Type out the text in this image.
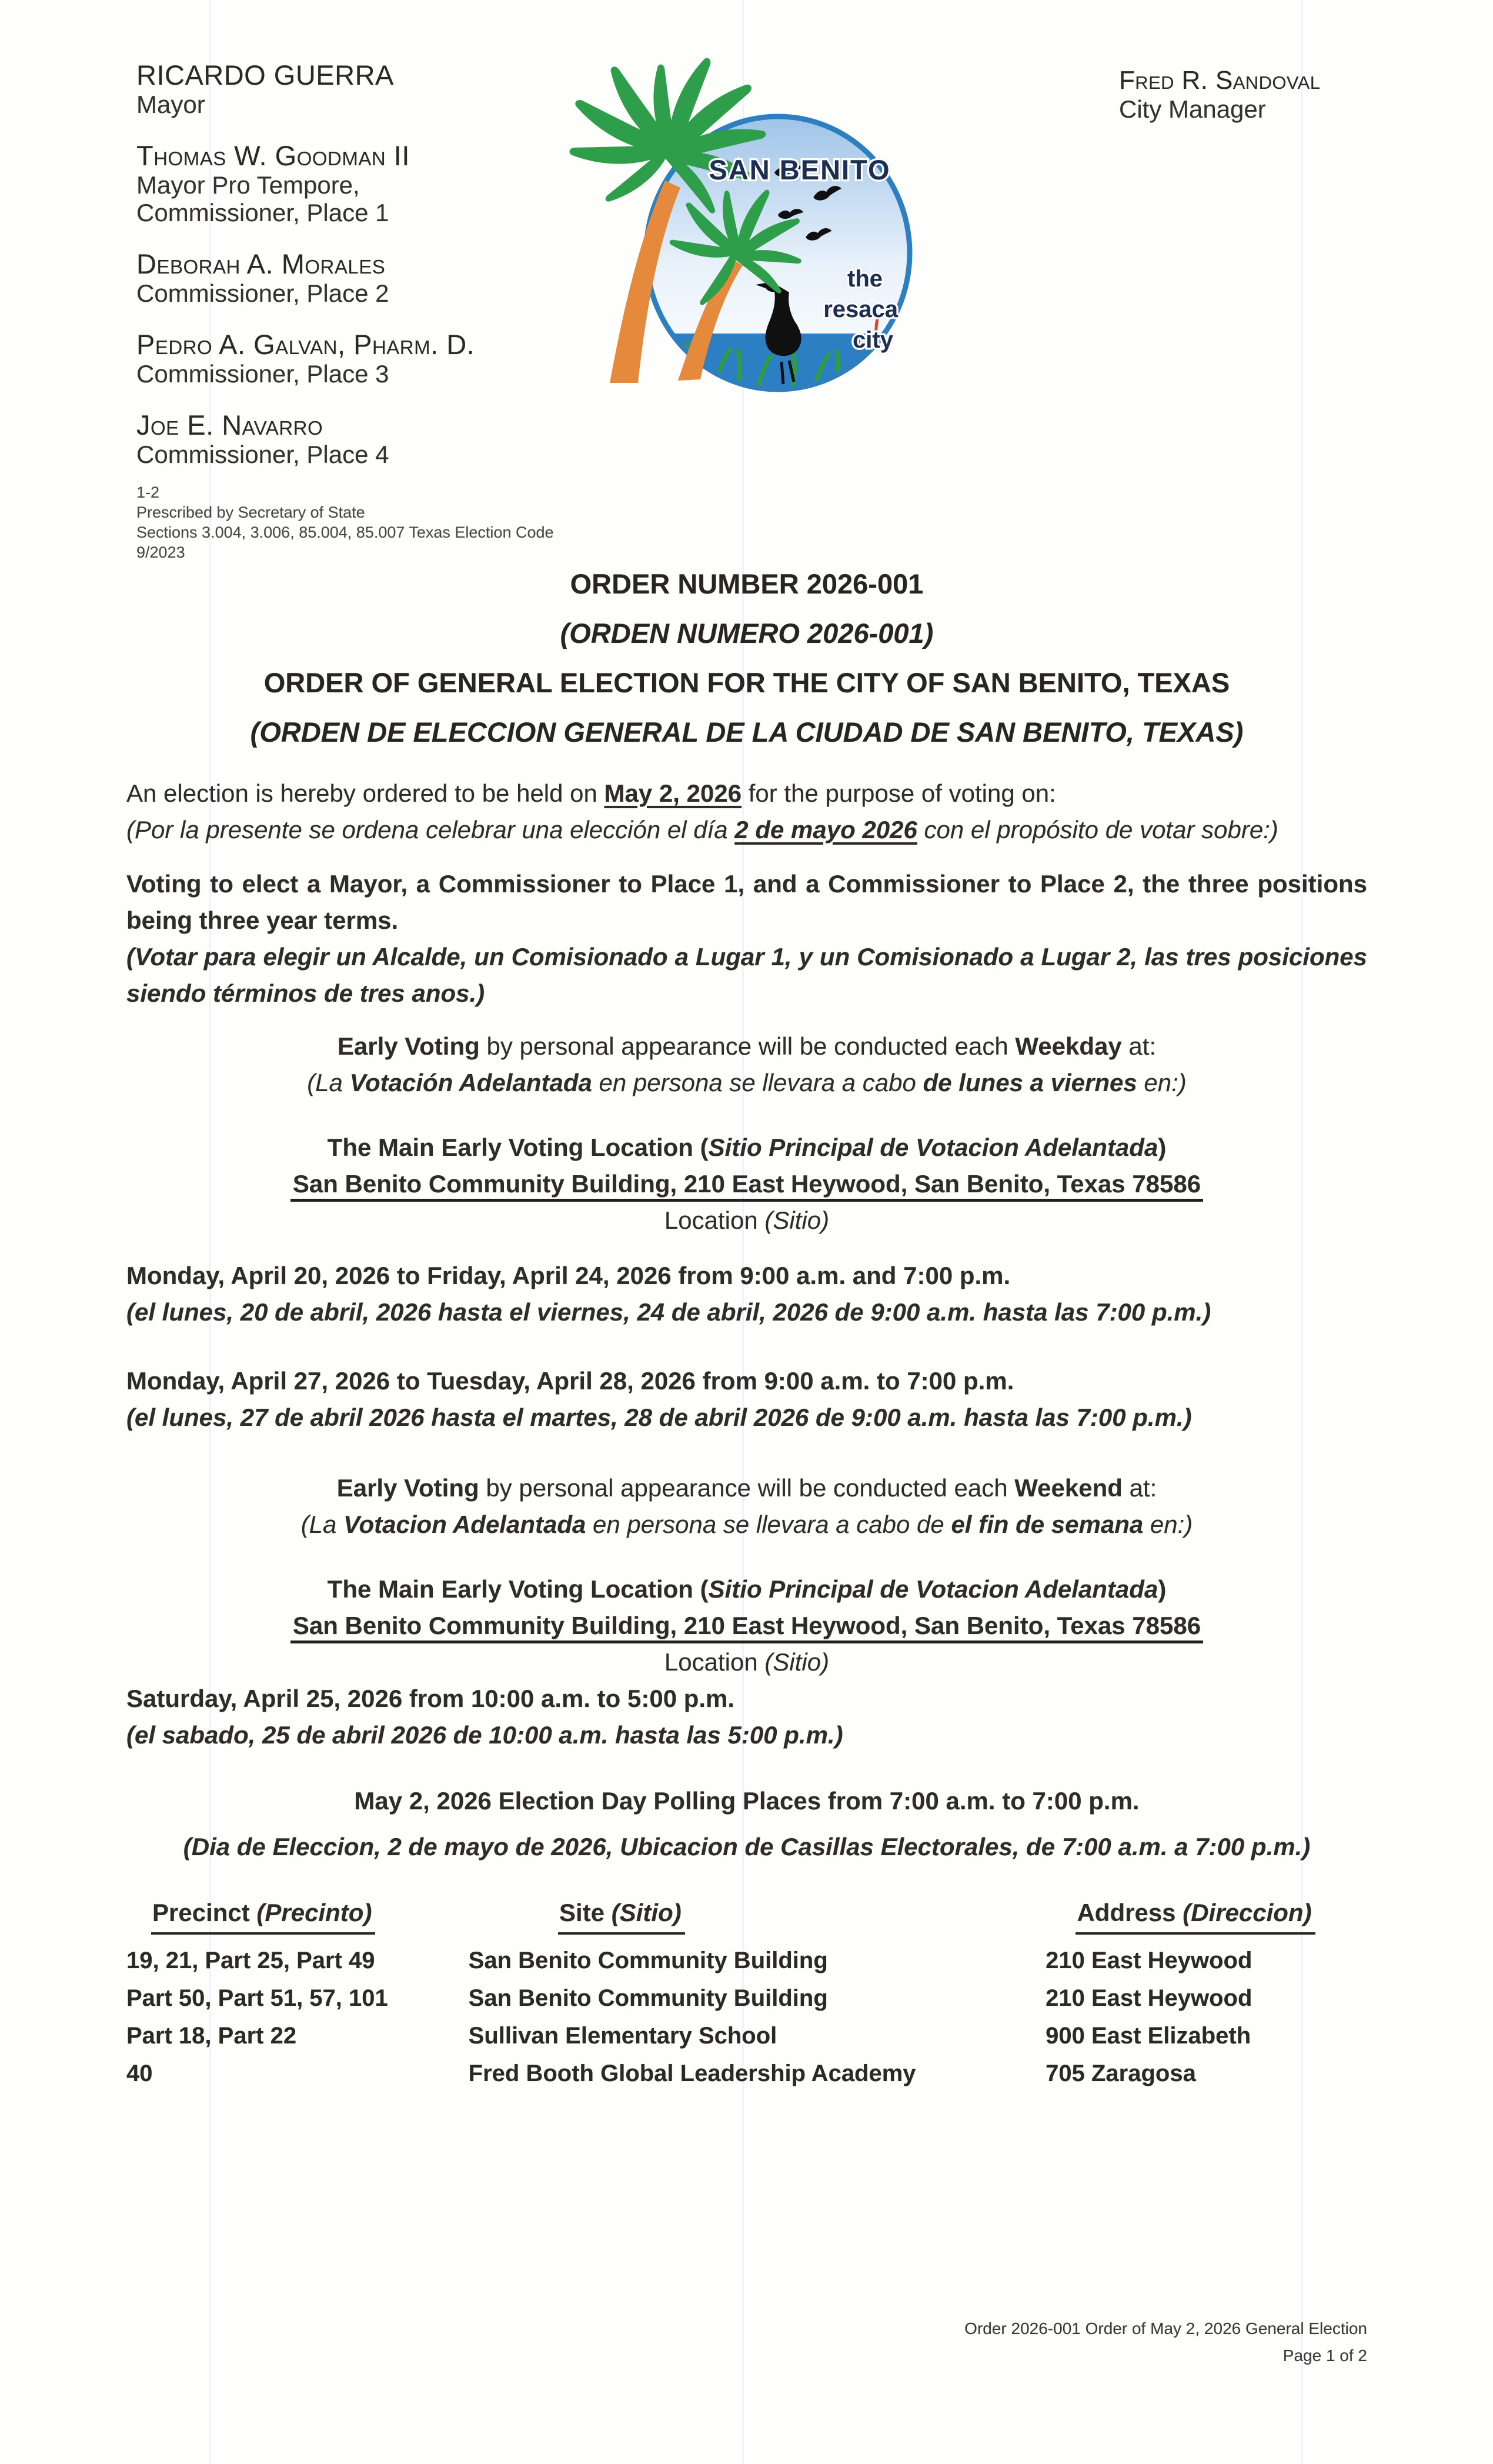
RICARDO GUERRA
Mayor
Thomas W. Goodman II
Mayor Pro Tempore,
Commissioner, Place 1
Deborah A. Morales
Commissioner, Place 2
Pedro A. Galvan, Pharm. D.
Commissioner, Place 3
Joe E. Navarro
Commissioner, Place 4
SAN BENITO
the
resaca
city
Fred R. Sandoval
City Manager
1-2
Prescribed by Secretary of State
Sections 3.004, 3.006, 85.004, 85.007 Texas Election Code
9/2023
ORDER NUMBER 2026-001
(ORDEN NUMERO 2026-001)
ORDER OF GENERAL ELECTION FOR THE CITY OF SAN BENITO, TEXAS
(ORDEN DE ELECCION GENERAL DE LA CIUDAD DE SAN BENITO, TEXAS)

An election is hereby ordered to be held on May 2, 2026 for the purpose of voting on:

(Por la presente se ordena celebrar una elección el día 2 de mayo 2026 con el propósito de votar sobre:)

Voting to elect a Mayor, a Commissioner to Place 1, and a Commissioner to Place 2, the three positions being three year terms.

(Votar para elegir un Alcalde, un Comisionado a Lugar 1, y un Comisionado a Lugar 2, las tres posiciones siendo términos de tres anos.)

Early Voting by personal appearance will be conducted each Weekday at:

(La Votación Adelantada en persona se llevara a cabo de lunes a viernes en:)

The Main Early Voting Location (Sitio Principal de Votacion Adelantada)

San Benito Community Building, 210 East Heywood, San Benito, Texas 78586

Location (Sitio)

Monday, April 20, 2026 to Friday, April 24, 2026 from 9:00 a.m. and 7:00 p.m.

(el lunes, 20 de abril, 2026 hasta el viernes, 24 de abril, 2026 de 9:00 a.m. hasta las 7:00 p.m.)

Monday, April 27, 2026 to Tuesday, April 28, 2026 from 9:00 a.m. to 7:00 p.m.

(el lunes, 27 de abril 2026 hasta el martes, 28 de abril 2026 de 9:00 a.m. hasta las 7:00 p.m.)

Early Voting by personal appearance will be conducted each Weekend at:

(La Votacion Adelantada en persona se llevara a cabo de el fin de semana en:)

The Main Early Voting Location (Sitio Principal de Votacion Adelantada)

San Benito Community Building, 210 East Heywood, San Benito, Texas 78586

Location (Sitio)

Saturday, April 25, 2026 from 10:00 a.m. to 5:00 p.m.

(el sabado, 25 de abril 2026 de 10:00 a.m. hasta las 5:00 p.m.)

May 2, 2026 Election Day Polling Places from 7:00 a.m. to 7:00 p.m.

(Dia de Eleccion, 2 de mayo de 2026, Ubicacion de Casillas Electorales, de 7:00 a.m. a 7:00 p.m.)

Precinct (Precinto)	Site (Sitio)	Address (Direccion)
19, 21, Part 25, Part 49	San Benito Community Building	210 East Heywood
Part 50, Part 51, 57, 101	San Benito Community Building	210 East Heywood
Part 18, Part 22	Sullivan Elementary School	900 East Elizabeth
40	Fred Booth Global Leadership Academy	705 Zaragosa
Order 2026-001 Order of May 2, 2026 General Election
Page 1 of 2
